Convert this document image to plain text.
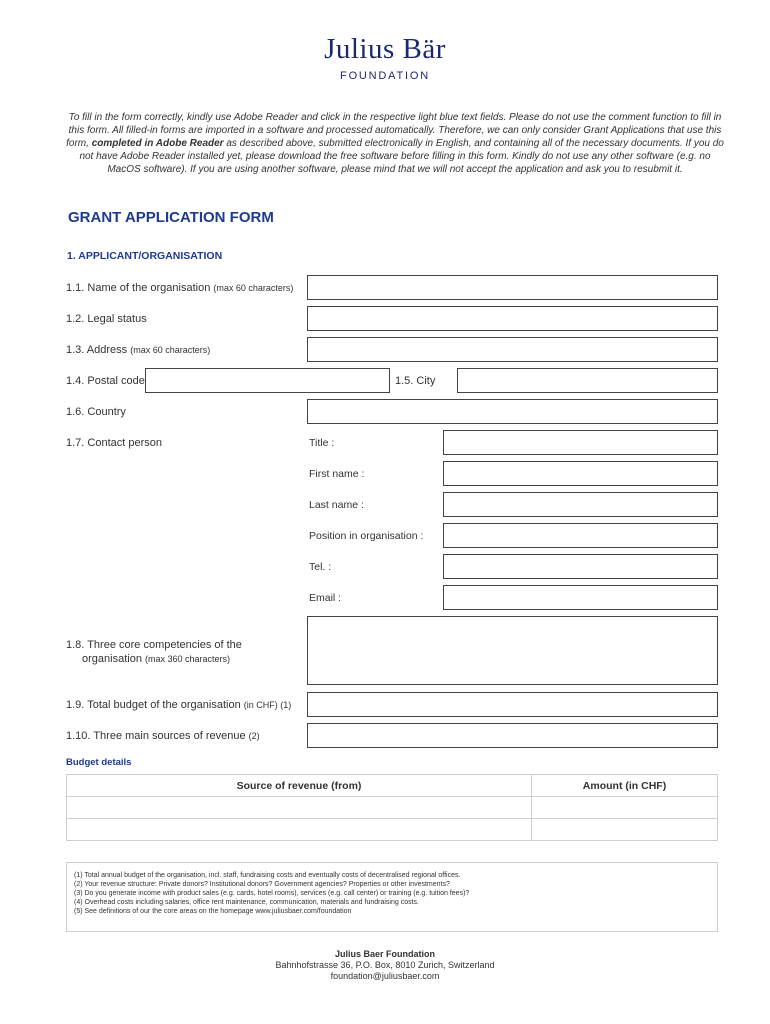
Julius Bär
FOUNDATION
To fill in the form correctly, kindly use Adobe Reader and click in the respective light blue text fields. Please do not use the comment function to fill in this form. All filled-in forms are imported in a software and processed automatically. Therefore, we can only consider Grant Applications that use this form, completed in Adobe Reader as described above, submitted electronically in English, and containing all of the necessary documents. If you do not have Adobe Reader installed yet, please download the free software before filling in this form. Kindly do not use any other software (e.g. no MacOS software). If you are using another software, please mind that we will not accept the application and ask you to resubmit it.
GRANT APPLICATION FORM
1. APPLICANT/ORGANISATION
1.1. Name of the organisation (max 60 characters)
1.2. Legal status
1.3. Address (max 60 characters)
1.4. Postal code	1.5. City
1.6. Country
1.7. Contact person	Title :
First name :
Last name :
Position in organisation :
Tel. :
Email :
1.8. Three core competencies of the
organisation (max 360 characters)
1.9. Total budget of the organisation (in CHF) (1)
1.10. Three main sources of revenue (2)
Budget details
Source of revenue (from)	Amount (in CHF)

(1) Total annual budget of the organisation, incl. staff, fundraising costs and eventually costs of decentralised regional offices.
(2) Your revenue structure: Private donors? Institutional donors? Government agencies? Properties or other investments?
(3) Do you generate income with product sales (e.g. cards, hotel rooms), services (e.g. call center) or training (e.g. tuition fees)?
(4) Overhead costs including salaries, office rent maintenance, communication, materials and fundraising costs.
(5) See definitions of our the core areas on the homepage www.juliusbaer.com/foundation
Julius Baer Foundation
Bahnhofstrasse 36, P.O. Box, 8010 Zurich, Switzerland
foundation@juliusbaer.com
